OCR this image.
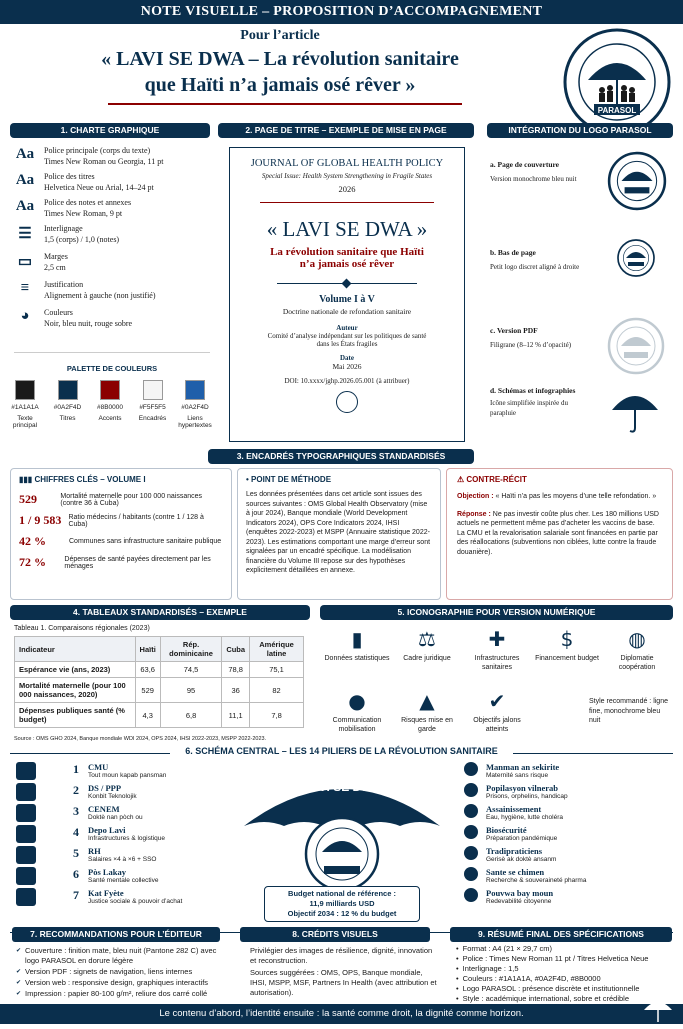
NOTE VISUELLE – PROPOSITION D’ACCOMPAGNEMENT
Pour l’article
« LAVI SE DWA – La révolution sanitaire
que Haïti n’a jamais osé rêver »
PARASOL
1. CHARTE GRAPHIQUE
Aa Police principale (corps du texte)
Times New Roman ou Georgia, 11 pt
Aa Police des titres
Helvetica Neue ou Arial, 14–24 pt
Aa Police des notes et annexes
Times New Roman, 9 pt
☰	Interlignage
1,5 (corps) / 1,0 (notes)
▭	Marges
2,5 cm
≡	Justification
Alignement à gauche (non justifié)
◕	Couleurs
Noir, bleu nuit, rouge sobre
PALETTE DE COULEURS
#1A1A1A
Texte principal
#0A2F4D
Titres
#8B0000
Accents
#F5F5F5
Encadrés
#0A2F4D
Liens hypertextes
2. PAGE DE TITRE – EXEMPLE DE MISE EN PAGE
JOURNAL OF GLOBAL HEALTH POLICY
Special Issue: Health System Strengthening in Fragile States
2026
« LAVI SE DWA »
La révolution sanitaire que Haïti
n’a jamais osé rêver
Volume I à V
Doctrine nationale de refondation sanitaire
Auteur
Comité d’analyse indépendant sur les politiques de santé
dans les États fragiles
Date
Mai 2026
DOI: 10.xxxx/jghp.2026.05.001 (à attribuer)
INTÉGRATION DU LOGO PARASOL
a. Page de couverture
Version monochrome bleu nuit
b. Bas de page
Petit logo discret aligné à droite
c. Version PDF
Filigrane (8–12 % d’opacité)
d. Schémas et infographies
Icône simplifiée inspirée du parapluie
3. ENCADRÉS TYPOGRAPHIQUES STANDARDISÉS
▮▮▮ CHIFFRES CLÉS – VOLUME I
529	Mortalité maternelle pour 100 000 naissances (contre 36 à Cuba)
1 / 9 583 Ratio médecins / habitants (contre 1 / 128 à Cuba)
42 %	Communes sans infrastructure sanitaire publique
72 %	Dépenses de santé payées directement par les ménages
• POINT DE MÉTHODE
Les données présentées dans cet article sont issues des sources suivantes : OMS Global Health Observatory (mise à jour 2024), Banque mondiale (World Development Indicators 2024), OPS Core Indicators 2024, IHSI (enquêtes 2022-2023) et MSPP (Annuaire statistique 2022-2023). Les estimations comportant une marge d’erreur sont signalées par un encadré spécifique. La modélisation financière du Volume III repose sur des hypothèses explicitement détaillées en annexe.
⚠ CONTRE-RÉCIT
Objection : « Haïti n’a pas les moyens d’une telle refondation. »
Réponse : Ne pas investir coûte plus cher. Les 180 millions USD actuels ne permettent même pas d’acheter les vaccins de base. La CMU et la revalorisation salariale sont financées en partie par des réallocations (subventions non ciblées, lutte contre la fraude douanière).
4. TABLEAUX STANDARDISÉS – EXEMPLE
Tableau 1. Comparaisons régionales (2023)
Indicateur	Haïti	Rép. dominicaine	Cuba	Amérique latine
Espérance vie (ans, 2023)	63,6	74,5	78,8	75,1
Mortalité maternelle (pour 100 000 naissances, 2020)	529	95	36	82
Dépenses publiques santé (% budget)	4,3	6,8	11,1	7,8
Source : OMS GHO 2024, Banque mondiale WDI 2024, OPS 2024, IHSI 2022-2023, MSPP 2022-2023.
5. ICONOGRAPHIE POUR VERSION NUMÉRIQUE
▮
Données statistiques
⚖
Cadre juridique
✚
Infrastructures sanitaires
$
Financement budget
◍
Diplomatie coopération
●
Communication mobilisation
▲
Risques mise en garde
✔
Objectifs jalons atteints
Style recommandé : ligne fine, monochrome bleu nuit
6. SCHÉMA CENTRAL – LES 14 PILIERS DE LA RÉVOLUTION SANITAIRE
LAVI SE DWA
Budget national de référence :
11,9 milliards USD
Objectif 2034 : 12 % du budget
1	CMU
Tout moun kapab pansman
2	DS / PPP
Konbit Teknolojik
3	CENEM
Doktè nan pòch ou
4	Depo Lavi
Infrastructures & logistique
5	RH
Salaires ×4 à ×6 + SSO
6	Pòs Lakay
Santé mentale collective
7	Kat Fyète
Justice sociale & pouvoir d’achat
Manman an sekirite
Maternité sans risque
Popilasyon vilnerab
Prisons, orphelins, handicap
Assainissement
Eau, hygiène, lutte choléra
Biosécurité
Préparation pandémique
Tradipraticiens
Gerisè ak doktè ansanm
Sante se chimen
Recherche & souveraineté pharma
Pouvwa bay moun
Redevabilité citoyenne
7. RECOMMANDATIONS POUR L’ÉDITEUR	8. CRÉDITS VISUELS	9. RÉSUMÉ FINAL DES SPÉCIFICATIONS
✔ Couverture : finition mate, bleu nuit (Pantone 282 C) avec logo PARASOL en dorure légère
✔ Version PDF : signets de navigation, liens internes
✔ Version web : responsive design, graphiques interactifs
✔ Impression : papier 80-100 g/m², reliure dos carré collé
Privilégier des images de résilience, dignité, innovation et reconstruction.
Sources suggérées : OMS, OPS, Banque mondiale, IHSI, MSPP, MSF, Partners In Health (avec attribution et autorisation).
• Format : A4 (21 × 29,7 cm)
• Police : Times New Roman 11 pt / Titres Helvetica Neue
• Interlignage : 1,5
• Couleurs : #1A1A1A, #0A2F4D, #8B0000
• Logo PARASOL : présence discrète et institutionnelle
• Style : académique international, sobre et crédible
Le contenu d’abord, l’identité ensuite : la santé comme droit, la dignité comme horizon.
